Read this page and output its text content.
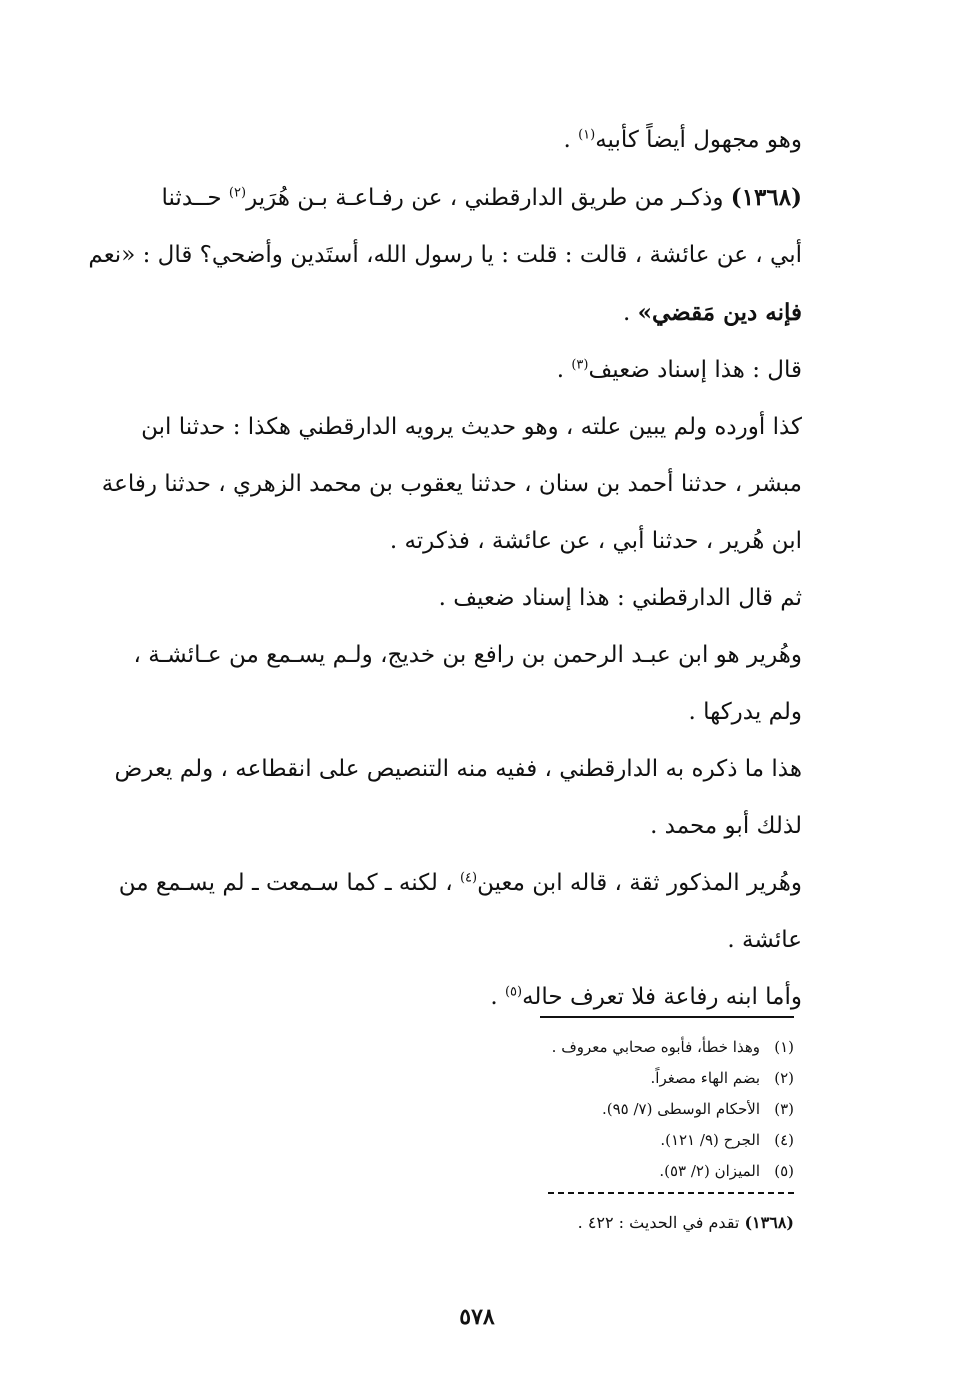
وهو مجهول أيضاً كأبيه$^{(١)}$ .

(١٣٦٨) وذكـر من طريق الدارقطني ، عن رفـاعـة بـن هُرَير$^{(٢)}$ حــدثنا
أبي ، عن عائشة ، قالت : قلت : يا رسول الله، أستَدين وأضحي؟ قال : «نعم
فإنه دين مَقضي» .

قال : هذا إسناد ضعيف$^{(٣)}$ .

كذا أورده ولم يبين علته ، وهو حديث يرويه الدارقطني هكذا : حدثنا ابن
مبشر ، حدثنا أحمد بن سنان ، حدثنا يعقوب بن محمد الزهري ، حدثنا رفاعة
ابن هُرير ، حدثنا أبي ، عن عائشة ، فذكرته .

ثم قال الدارقطني : هذا إسناد ضعيف .

وهُرير هو ابن عبـد الرحمن بن رافع بن خديج، ولـم يسـمع من عـائشـة ،
ولم يدركها .

هذا ما ذكره به الدارقطني ، ففيه منه التنصيص على انقطاعه ، ولم يعرض
لذلك أبو محمد .

وهُرير المذكور ثقة ، قاله ابن معين$^{(٤)}$ ، لكنه ـ كما سـمعت ـ لم يسـمع من
عائشة .

وأما ابنه رفاعة فلا تعرف حاله$^{(٥)}$ .

(١)وهذا خطأ، فأبوه صحابي معروف .
(٢)بضم الهاء مصغراً.
(٣)الأحكام الوسطى (٧/ ٩٥).
(٤)الجرح (٩/ ١٢١).
(٥)الميزان (٢/ ٥٣).
(١٣٦٨) تقدم في الحديث : ٤٢٢ .
٥٧٨
